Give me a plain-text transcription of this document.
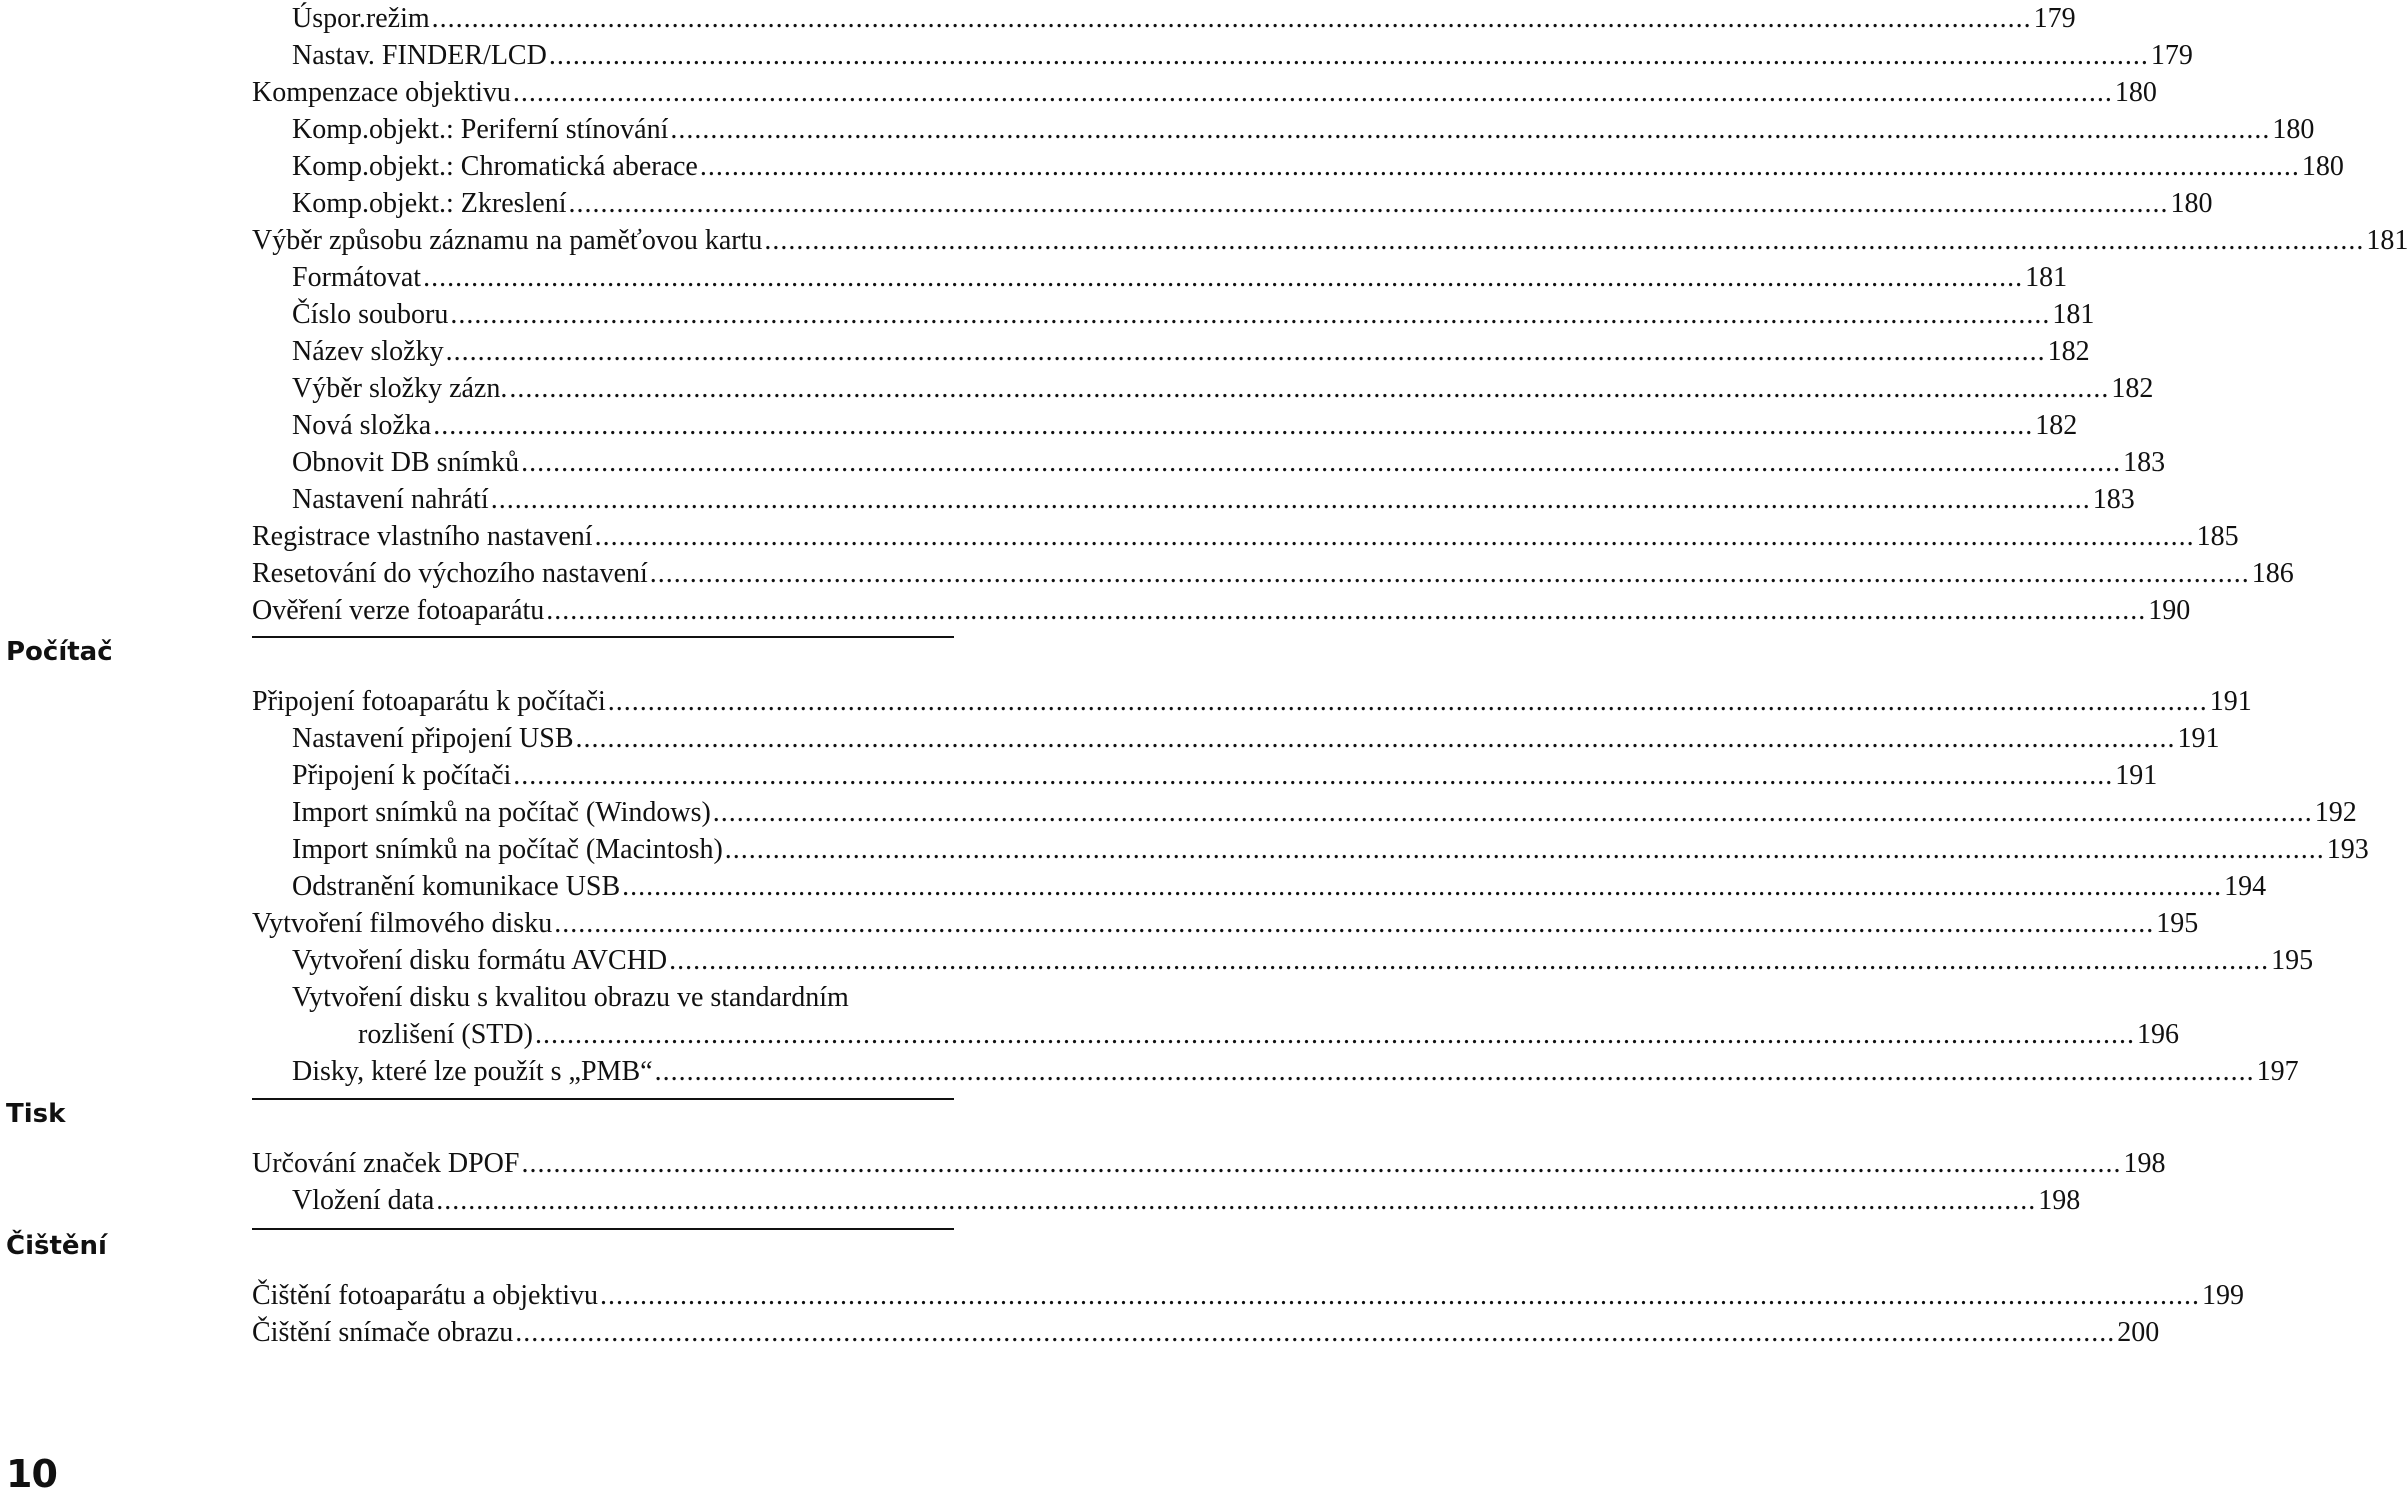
Úspor.režim .....	179
Nastav. FINDER/LCD .....	179
Kompenzace objektivu .....	180
Komp.objekt.: Periferní stínování .....	180
Komp.objekt.: Chromatická aberace .....	180
Komp.objekt.: Zkreslení .....	180
Výběr způsobu záznamu na paměťovou kartu .....	181
Formátovat .....	181
Číslo souboru .....	181
Název složky .....	182
Výběr složky zázn. .....	182
Nová složka .....	182
Obnovit DB snímků .....	183
Nastavení nahrátí .....	183
Registrace vlastního nastavení .....	185
Resetování do výchozího nastavení .....	186
Ověření verze fotoaparátu .....	190
Počítač
Připojení fotoaparátu k počítači .....	191
Nastavení připojení USB .....	191
Připojení k počítači .....	191
Import snímků na počítač (Windows) .....	192
Import snímků na počítač (Macintosh) .....	193
Odstranění komunikace USB .....	194
Vytvoření filmového disku .....	195
Vytvoření disku formátu AVCHD .....	195
Vytvoření disku s kvalitou obrazu ve standardním
rozlišení (STD) .....	196
Disky, které lze použít s „PMB“ .....	197
Tisk
Určování značek DPOF .....	198
Vložení data .....	198
Čištění
Čištění fotoaparátu a objektivu .....	199
Čištění snímače obrazu .....	200
10
